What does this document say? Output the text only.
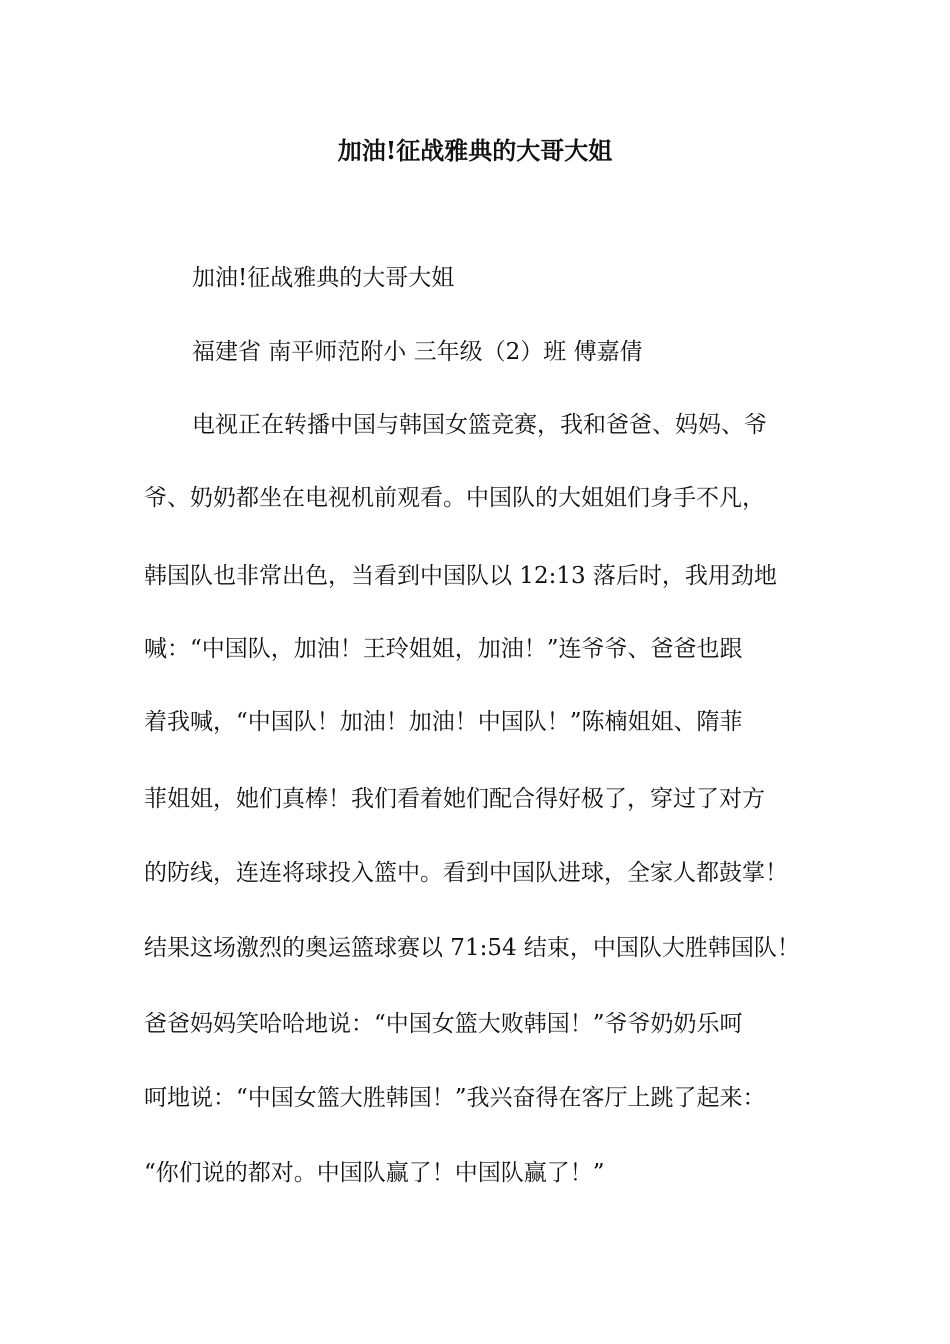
加油!征战雅典的大哥大姐
加油!征战雅典的大哥大姐
福建省 南平师范附小 三年级（2）班 傅嘉倩
电视正在转播中国与韩国女篮竞赛，我和爸爸、妈妈、爷
爷、奶奶都坐在电视机前观看。中国队的大姐姐们身手不凡，
韩国队也非常出色，当看到中国队以 12:13 落后时，我用劲地
喊：“中国队，加油！王玲姐姐，加油！”连爷爷、爸爸也跟
着我喊，“中国队！加油！加油！中国队！”陈楠姐姐、隋菲
菲姐姐，她们真棒！我们看着她们配合得好极了，穿过了对方
的防线，连连将球投入篮中。看到中国队进球，全家人都鼓掌！
结果这场激烈的奥运篮球赛以 71:54 结束，中国队大胜韩国队！
爸爸妈妈笑哈哈地说：“中国女篮大败韩国！”爷爷奶奶乐呵
呵地说：“中国女篮大胜韩国！”我兴奋得在客厅上跳了起来：
“你们说的都对。中国队赢了！中国队赢了！”
